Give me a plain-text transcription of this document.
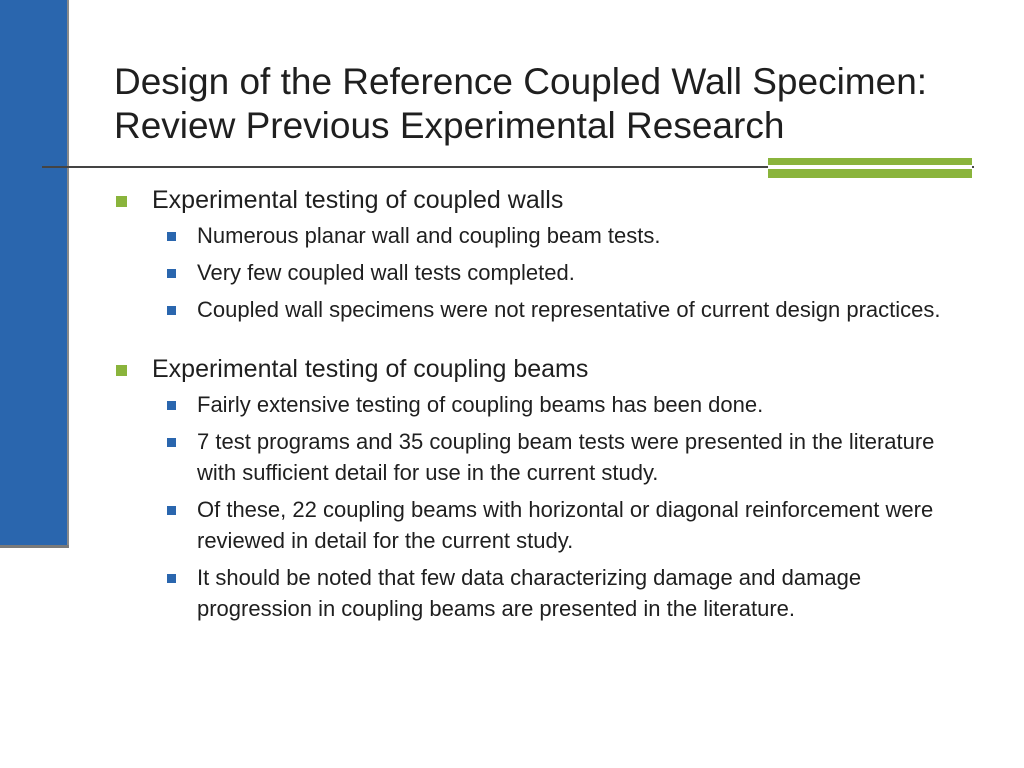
Design of the Reference Coupled Wall Specimen:
Review Previous Experimental Research
Experimental testing of coupled walls
Numerous planar wall and coupling beam tests.
Very few coupled wall tests completed.
Coupled wall specimens were not representative of current design practices.
Experimental testing of coupling beams
Fairly extensive testing of coupling beams has been done.
7 test programs and 35 coupling beam tests were presented in the literature with sufficient detail for use in the current study.
Of these, 22 coupling beams with horizontal or diagonal reinforcement were reviewed in detail for the current study.
It should be noted that few data characterizing damage and damage progression in coupling beams are presented in the literature.
